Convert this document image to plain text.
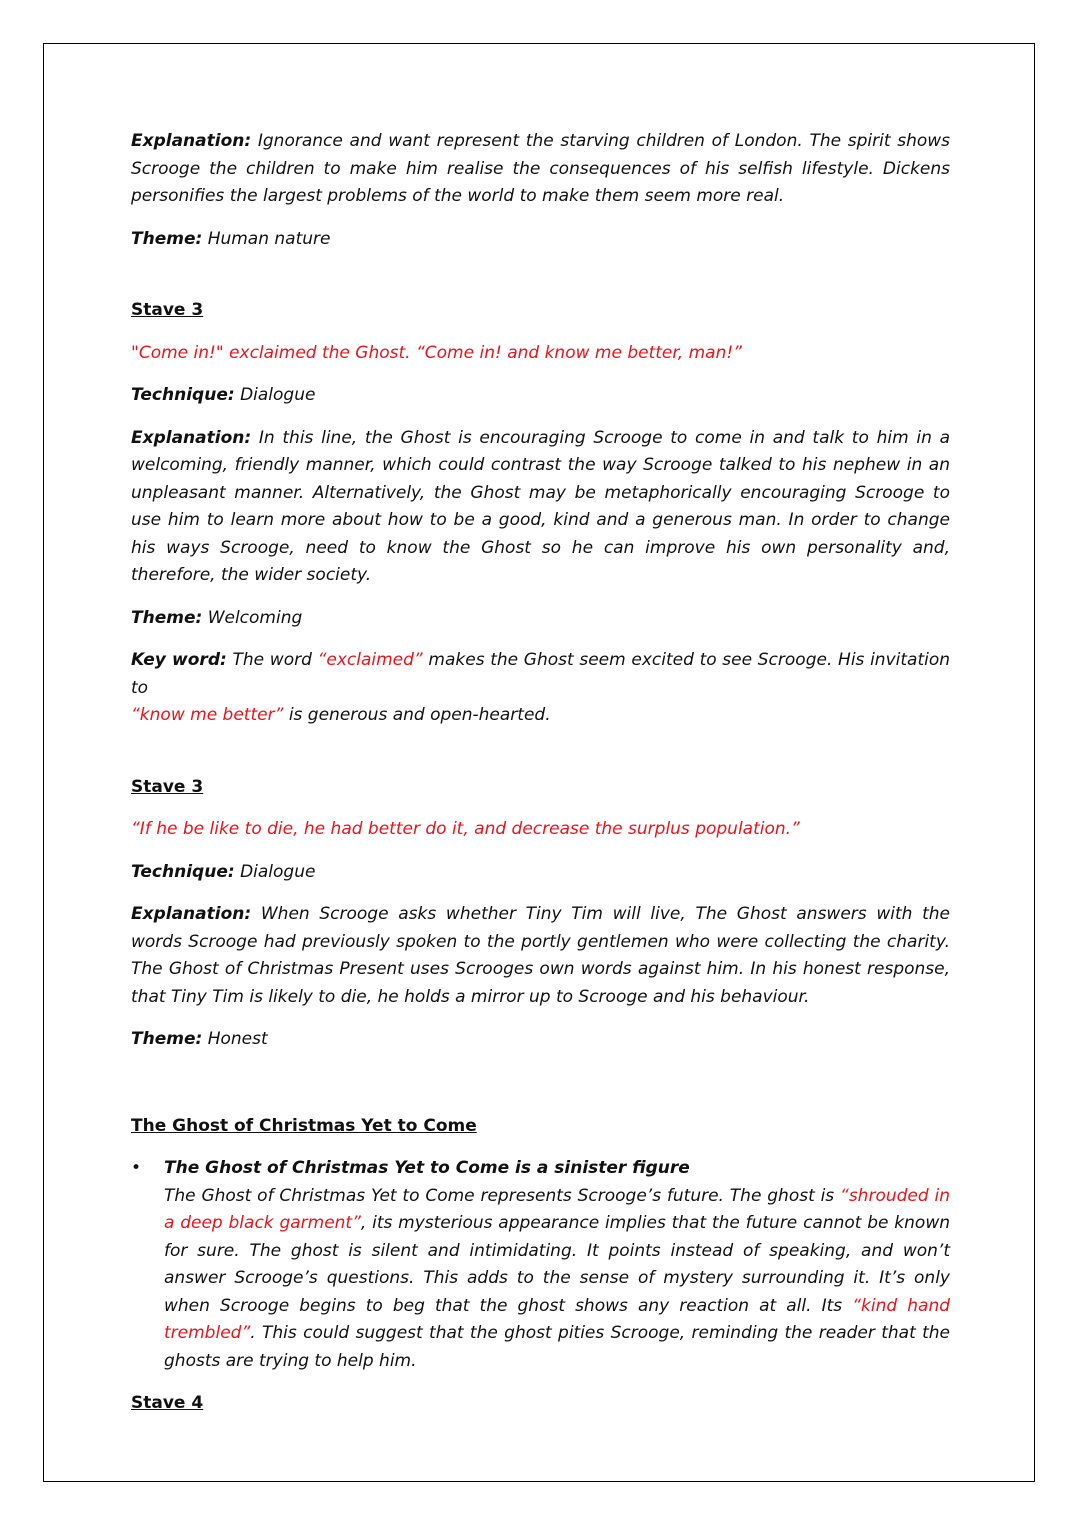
Explanation: Ignorance and want represent the starving children of London. The spirit shows Scrooge the children to make him realise the consequences of his selfish lifestyle. Dickens personifies the largest problems of the world to make them seem more real.

Theme: Human nature

Stave 3

"Come in!" exclaimed the Ghost. “Come in! and know me better, man!”

Technique: Dialogue

Explanation: In this line, the Ghost is encouraging Scrooge to come in and talk to him in a welcoming, friendly manner, which could contrast the way Scrooge talked to his nephew in an unpleasant manner. Alternatively, the Ghost may be metaphorically encouraging Scrooge to use him to learn more about how to be a good, kind and a generous man. In order to change his ways Scrooge, need to know the Ghost so he can improve his own personality and, therefore, the wider society.

Theme: Welcoming

Key word: The word “exclaimed” makes the Ghost seem excited to see Scrooge. His invitation to
“know me better” is generous and open-hearted.

Stave 3

“If he be like to die, he had better do it, and decrease the surplus population.”

Technique: Dialogue

Explanation: When Scrooge asks whether Tiny Tim will live, The Ghost answers with the words Scrooge had previously spoken to the portly gentlemen who were collecting the charity. The Ghost of Christmas Present uses Scrooges own words against him. In his honest response, that Tiny Tim is likely to die, he holds a mirror up to Scrooge and his behaviour.

Theme: Honest

The Ghost of Christmas Yet to Come

• The Ghost of Christmas Yet to Come is a sinister figure
The Ghost of Christmas Yet to Come represents Scrooge’s future. The ghost is “shrouded in a deep black garment”, its mysterious appearance implies that the future cannot be known for sure. The ghost is silent and intimidating. It points instead of speaking, and won’t answer Scrooge’s questions. This adds to the sense of mystery surrounding it. It’s only when Scrooge begins to beg that the ghost shows any reaction at all. Its “kind hand trembled”. This could suggest that the ghost pities Scrooge, reminding the reader that the ghosts are trying to help him.

Stave 4
